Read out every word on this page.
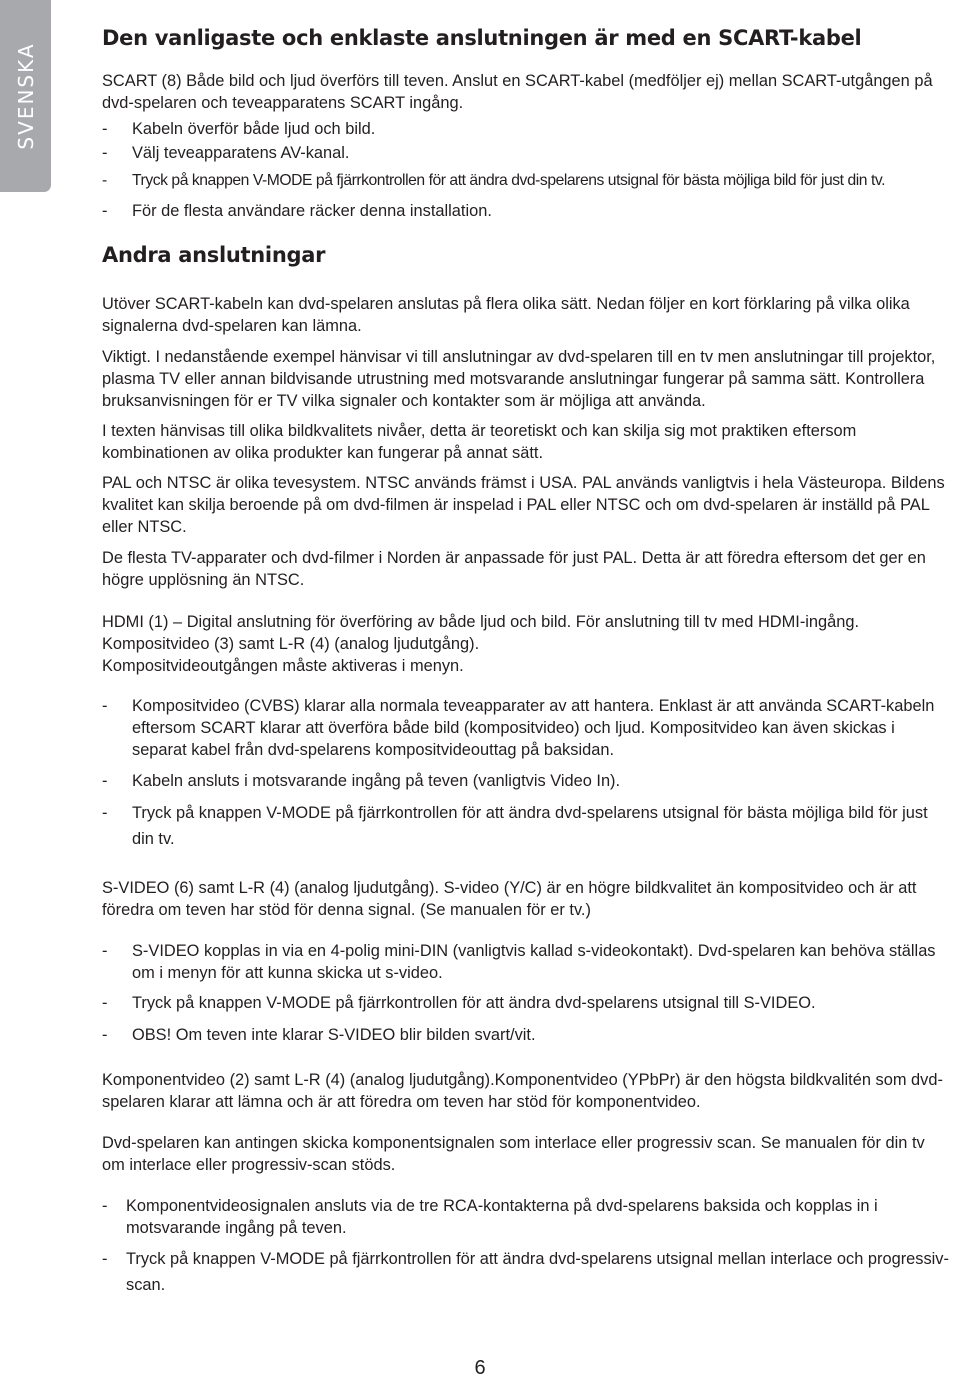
SVENSKA
Den vanligaste och enklaste anslutningen är med en SCART-kabel

SCART (8) Både bild och ljud överförs till teven. Anslut en SCART-kabel (medföljer ej) mellan SCART-utgången på dvd-spelaren och teveapparatens SCART ingång.

-	Kabeln överför både ljud och bild.
-	Välj teveapparatens AV-kanal.
-	Tryck på knappen V-MODE på fjärrkontrollen för att ändra dvd-spelarens utsignal för bästa möjliga bild för just din tv.
-	För de flesta användare räcker denna installation.
Andra anslutningar

Utöver SCART-kabeln kan dvd-spelaren anslutas på flera olika sätt. Nedan följer en kort förklaring på vilka olika signalerna dvd-spelaren kan lämna.

Viktigt. I nedanstående exempel hänvisar vi till anslutningar av dvd-spelaren till en tv men anslutningar till projektor, plasma TV eller annan bildvisande utrustning med motsvarande anslutningar fungerar på samma sätt. Kontrollera bruksanvisningen för er TV vilka signaler och kontakter som är möjliga att använda.

I texten hänvisas till olika bildkvalitets nivåer, detta är teoretiskt och kan skilja sig mot praktiken eftersom kombinationen av olika produkter kan fungerar på annat sätt.

PAL och NTSC är olika tevesystem. NTSC används främst i USA. PAL används vanligtvis i hela Västeuropa. Bildens kvalitet kan skilja beroende på om dvd-filmen är inspelad i PAL eller NTSC och om dvd-spelaren är inställd på PAL eller NTSC.

De flesta TV-apparater och dvd-filmer i Norden är anpassade för just PAL. Detta är att föredra eftersom det ger en högre upplösning än NTSC.

HDMI (1) – Digital anslutning för överföring av både ljud och bild. För anslutning till tv med HDMI-ingång.

Kompositvideo (3) samt L-R (4) (analog ljudutgång).

Kompositvideoutgången måste aktiveras i menyn.

-	Kompositvideo (CVBS) klarar alla normala teveapparater av att hantera. Enklast är att använda SCART-kabeln eftersom SCART klarar att överföra både bild (kompositvideo) och ljud. Kompositvideo kan även skickas i separat kabel från dvd-spelarens kompositvideouttag på baksidan.
-	Kabeln ansluts i motsvarande ingång på teven (vanligtvis Video In).
-	Tryck på knappen V-MODE på fjärrkontrollen för att ändra dvd-spelarens utsignal för bästa möjliga bild för just din tv.

S-VIDEO (6) samt L-R (4) (analog ljudutgång). S-video (Y/C) är en högre bildkvalitet än kompositvideo och är att föredra om teven har stöd för denna signal. (Se manualen för er tv.)

-	S-VIDEO kopplas in via en 4-polig mini-DIN (vanligtvis kallad s-videokontakt). Dvd-spelaren kan behöva ställas om i menyn för att kunna skicka ut s-video.
-	Tryck på knappen V-MODE på fjärrkontrollen för att ändra dvd-spelarens utsignal till S-VIDEO.
-	OBS! Om teven inte klarar S-VIDEO blir bilden svart/vit.

Komponentvideo (2) samt L-R (4) (analog ljudutgång).Komponentvideo (YPbPr) är den högsta bildkvalitén som dvd-spelaren klarar att lämna och är att föredra om teven har stöd för komponentvideo.

Dvd-spelaren kan antingen skicka komponentsignalen som interlace eller progressiv scan. Se manualen för din tv om interlace eller progressiv-scan stöds.

-	Komponentvideosignalen ansluts via de tre RCA-kontakterna på dvd-spelarens baksida och kopplas in i motsvarande ingång på teven.
-	Tryck på knappen V-MODE på fjärrkontrollen för att ändra dvd-spelarens utsignal mellan interlace och progressiv-scan.
6
